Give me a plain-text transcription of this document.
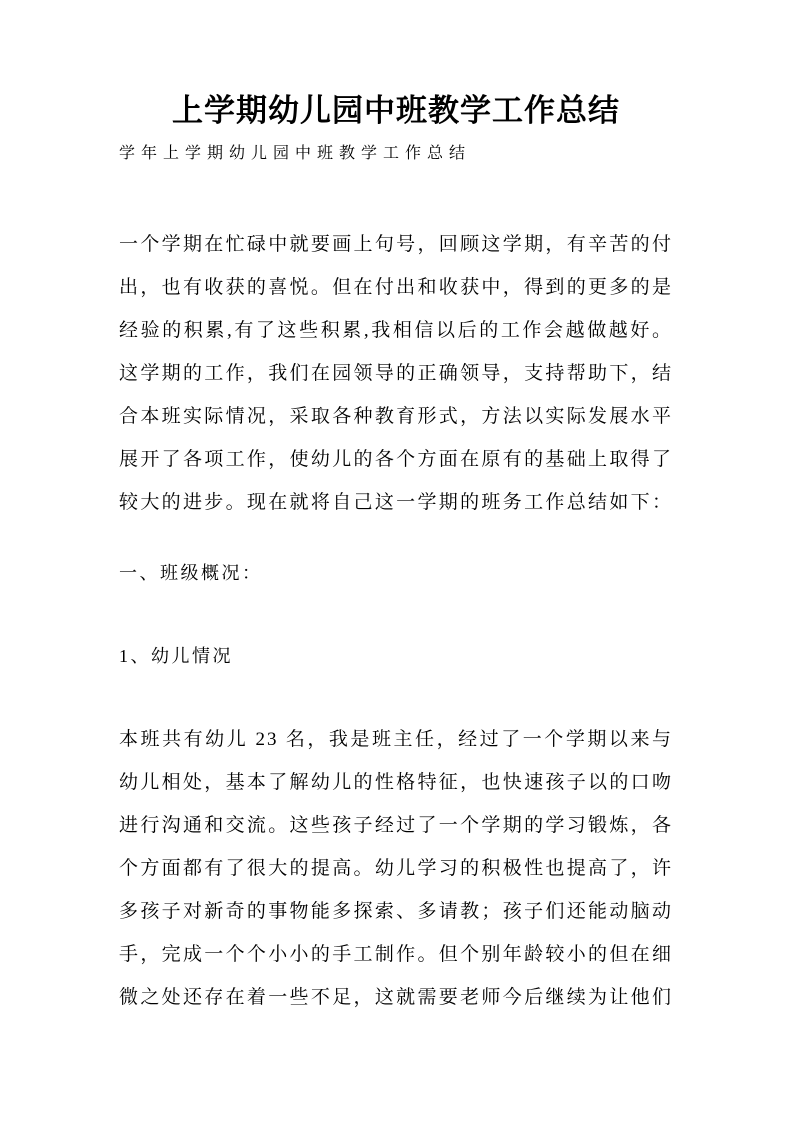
上学期幼儿园中班教学工作总结
学年上学期幼儿园中班教学工作总结
一个学期在忙碌中就要画上句号，回顾这学期，有辛苦的付
出，也有收获的喜悦。但在付出和收获中，得到的更多的是
经验的积累,有了这些积累,我相信以后的工作会越做越好。
这学期的工作，我们在园领导的正确领导，支持帮助下，结
合本班实际情况，采取各种教育形式，方法以实际发展水平
展开了各项工作，使幼儿的各个方面在原有的基础上取得了
较大的进步。现在就将自己这一学期的班务工作总结如下：
一、班级概况：
1、幼儿情况
本班共有幼儿 23 名，我是班主任，经过了一个学期以来与
幼儿相处，基本了解幼儿的性格特征，也快速孩子以的口吻
进行沟通和交流。这些孩子经过了一个学期的学习锻炼，各
个方面都有了很大的提高。幼儿学习的积极性也提高了，许
多孩子对新奇的事物能多探索、多请教；孩子们还能动脑动
手，完成一个个小小的手工制作。但个别年龄较小的但在细
微之处还存在着一些不足，这就需要老师今后继续为让他们
